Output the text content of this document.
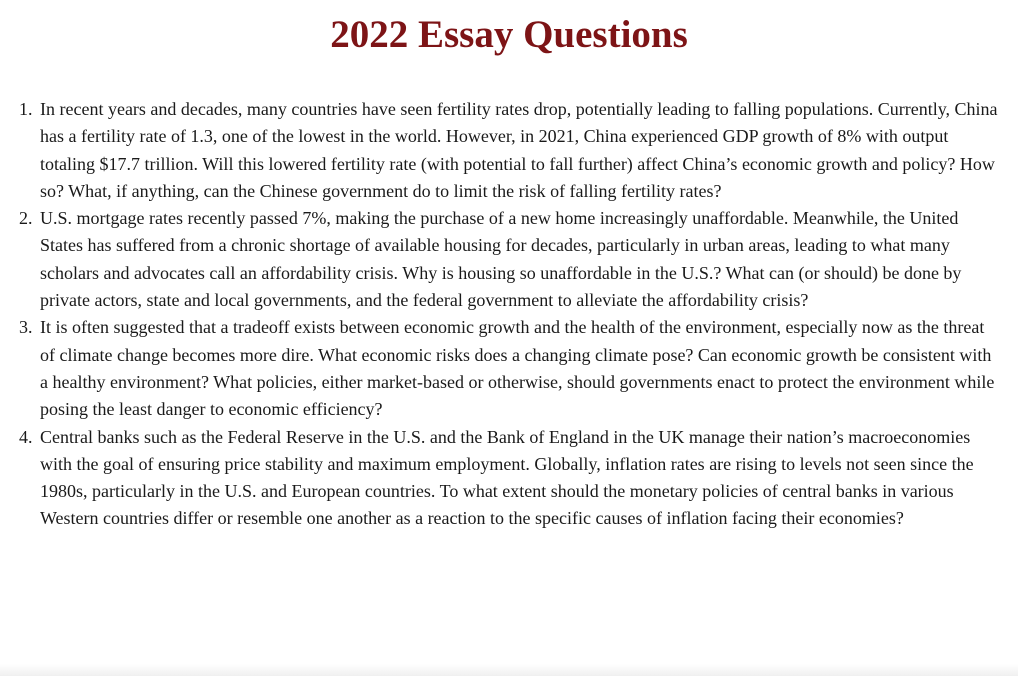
2022 Essay Questions
1. In recent years and decades, many countries have seen fertility rates drop, potentially leading to falling populations. Currently, China has a fertility rate of 1.3, one of the lowest in the world. However, in 2021, China experienced GDP growth of 8% with output totaling $17.7 trillion. Will this lowered fertility rate (with potential to fall further) affect China’s economic growth and policy? How so? What, if anything, can the Chinese government do to limit the risk of falling fertility rates?
2. U.S. mortgage rates recently passed 7%, making the purchase of a new home increasingly unaffordable. Meanwhile, the United States has suffered from a chronic shortage of available housing for decades, particularly in urban areas, leading to what many scholars and advocates call an affordability crisis. Why is housing so unaffordable in the U.S.? What can (or should) be done by private actors, state and local governments, and the federal government to alleviate the affordability crisis?
3. It is often suggested that a tradeoff exists between economic growth and the health of the environment, especially now as the threat of climate change becomes more dire. What economic risks does a changing climate pose? Can economic growth be consistent with a healthy environment? What policies, either market-based or otherwise, should governments enact to protect the environment while posing the least danger to economic efficiency?
4. Central banks such as the Federal Reserve in the U.S. and the Bank of England in the UK manage their nation’s macroeconomies with the goal of ensuring price stability and maximum employment. Globally, inflation rates are rising to levels not seen since the 1980s, particularly in the U.S. and European countries. To what extent should the monetary policies of central banks in various Western countries differ or resemble one another as a reaction to the specific causes of inflation facing their economies?
